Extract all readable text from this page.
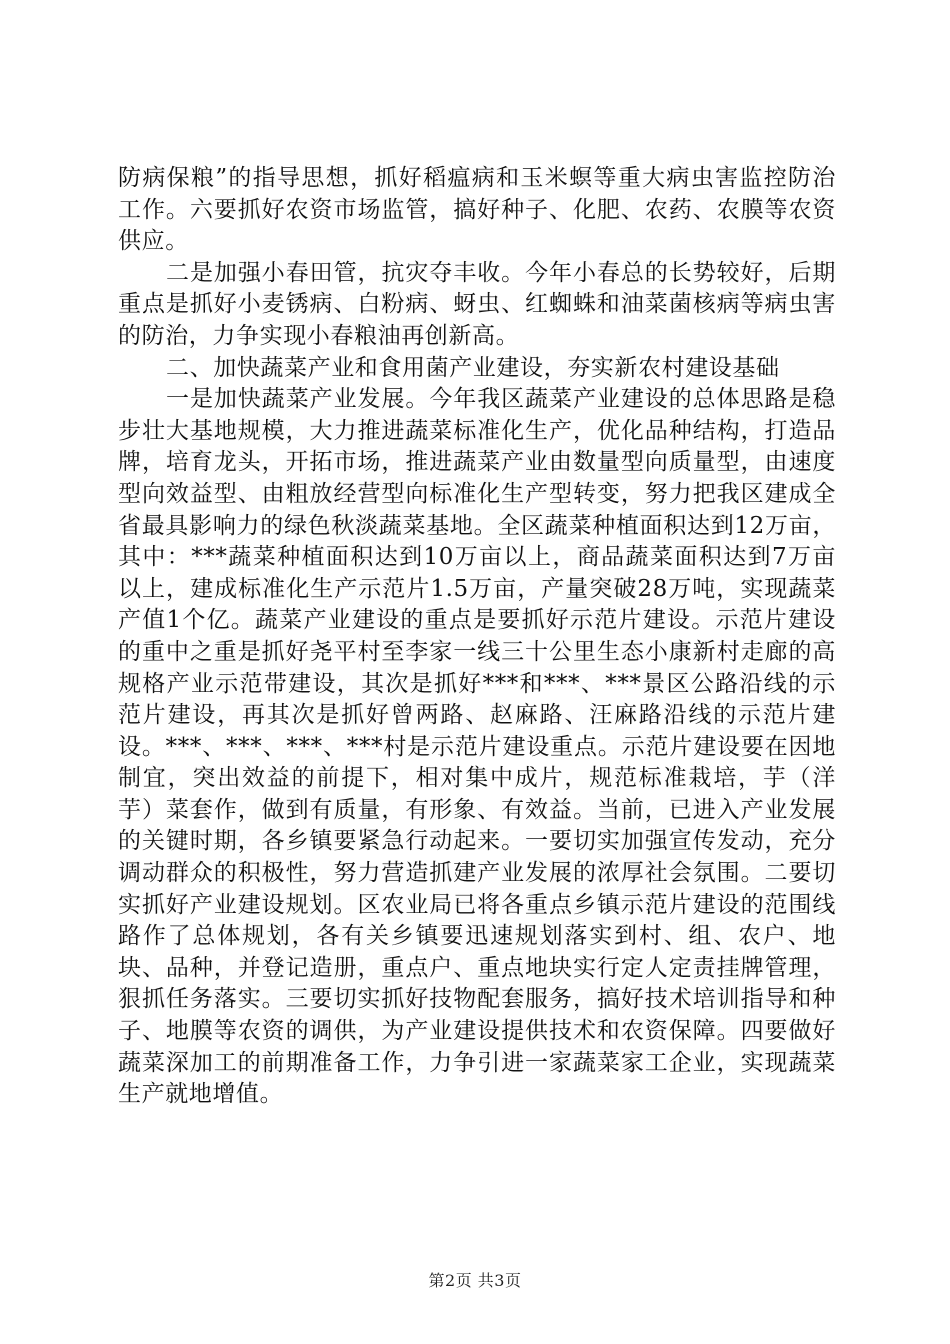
防病保粮”的指导思想，抓好稻瘟病和玉米螟等重大病虫害监控防治工作。六要抓好农资市场监管，搞好种子、化肥、农药、农膜等农资供应。

二是加强小春田管，抗灾夺丰收。今年小春总的长势较好，后期重点是抓好小麦锈病、白粉病、蚜虫、红蜘蛛和油菜菌核病等病虫害的防治，力争实现小春粮油再创新高。

二、加快蔬菜产业和食用菌产业建设，夯实新农村建设基础

一是加快蔬菜产业发展。今年我区蔬菜产业建设的总体思路是稳步壮大基地规模，大力推进蔬菜标准化生产，优化品种结构，打造品牌，培育龙头，开拓市场，推进蔬菜产业由数量型向质量型，由速度型向效益型、由粗放经营型向标准化生产型转变，努力把我区建成全省最具影响力的绿色秋淡蔬菜基地。全区蔬菜种植面积达到12万亩，其中：***蔬菜种植面积达到10万亩以上，商品蔬菜面积达到7万亩以上，建成标准化生产示范片1.5万亩，产量突破28万吨，实现蔬菜产值1个亿。蔬菜产业建设的重点是要抓好示范片建设。示范片建设的重中之重是抓好尧平村至李家一线三十公里生态小康新村走廊的高规格产业示范带建设，其次是抓好***和***、***景区公路沿线的示范片建设，再其次是抓好曾两路、赵麻路、汪麻路沿线的示范片建设。***、***、***、***村是示范片建设重点。示范片建设要在因地制宜，突出效益的前提下，相对集中成片，规范标准栽培，芋（洋芋）菜套作，做到有质量，有形象、有效益。当前，已进入产业发展的关键时期，各乡镇要紧急行动起来。一要切实加强宣传发动，充分调动群众的积极性，努力营造抓建产业发展的浓厚社会氛围。二要切实抓好产业建设规划。区农业局已将各重点乡镇示范片建设的范围线路作了总体规划，各有关乡镇要迅速规划落实到村、组、农户、地块、品种，并登记造册，重点户、重点地块实行定人定责挂牌管理，狠抓任务落实。三要切实抓好技物配套服务，搞好技术培训指导和种子、地膜等农资的调供，为产业建设提供技术和农资保障。四要做好蔬菜深加工的前期准备工作，力争引进一家蔬菜家工企业，实现蔬菜生产就地增值。

第2页 共3页
